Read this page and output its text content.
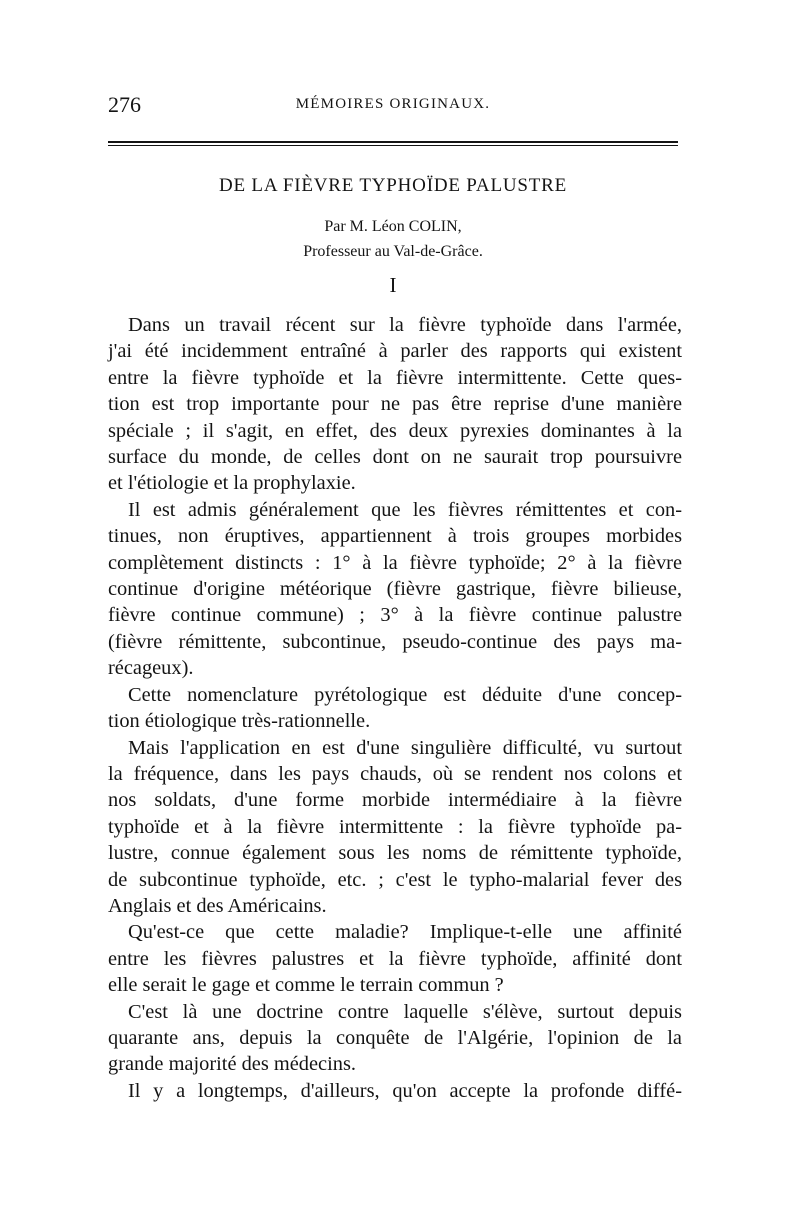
276	MÉMOIRES ORIGINAUX.
DE LA FIÈVRE TYPHOÏDE PALUSTRE
Par M. Léon COLIN,
Professeur au Val-de-Grâce.
I

Dans un travail récent sur la fièvre typhoïde dans l'armée,

j'ai été incidemment entraîné à parler des rapports qui existent

entre la fièvre typhoïde et la fièvre intermittente. Cette ques-

tion est trop importante pour ne pas être reprise d'une manière

spéciale ; il s'agit, en effet, des deux pyrexies dominantes à la

surface du monde, de celles dont on ne saurait trop poursuivre

et l'étiologie et la prophylaxie.

Il est admis généralement que les fièvres rémittentes et con-

tinues, non éruptives, appartiennent à trois groupes morbides

complètement distincts : 1° à la fièvre typhoïde; 2° à la fièvre

continue d'origine météorique (fièvre gastrique, fièvre bilieuse,

fièvre continue commune) ; 3° à la fièvre continue palustre

(fièvre rémittente, subcontinue, pseudo-continue des pays ma-

récageux).

Cette nomenclature pyrétologique est déduite d'une concep-

tion étiologique très-rationnelle.

Mais l'application en est d'une singulière difficulté, vu surtout

la fréquence, dans les pays chauds, où se rendent nos colons et

nos soldats, d'une forme morbide intermédiaire à la fièvre

typhoïde et à la fièvre intermittente : la fièvre typhoïde pa-

lustre, connue également sous les noms de rémittente typhoïde,

de subcontinue typhoïde, etc. ; c'est le typho-malarial fever des

Anglais et des Américains.

Qu'est-ce que cette maladie? Implique-t-elle une affinité

entre les fièvres palustres et la fièvre typhoïde, affinité dont

elle serait le gage et comme le terrain commun ?

C'est là une doctrine contre laquelle s'élève, surtout depuis

quarante ans, depuis la conquête de l'Algérie, l'opinion de la

grande majorité des médecins.

Il y a longtemps, d'ailleurs, qu'on accepte la profonde diffé-
